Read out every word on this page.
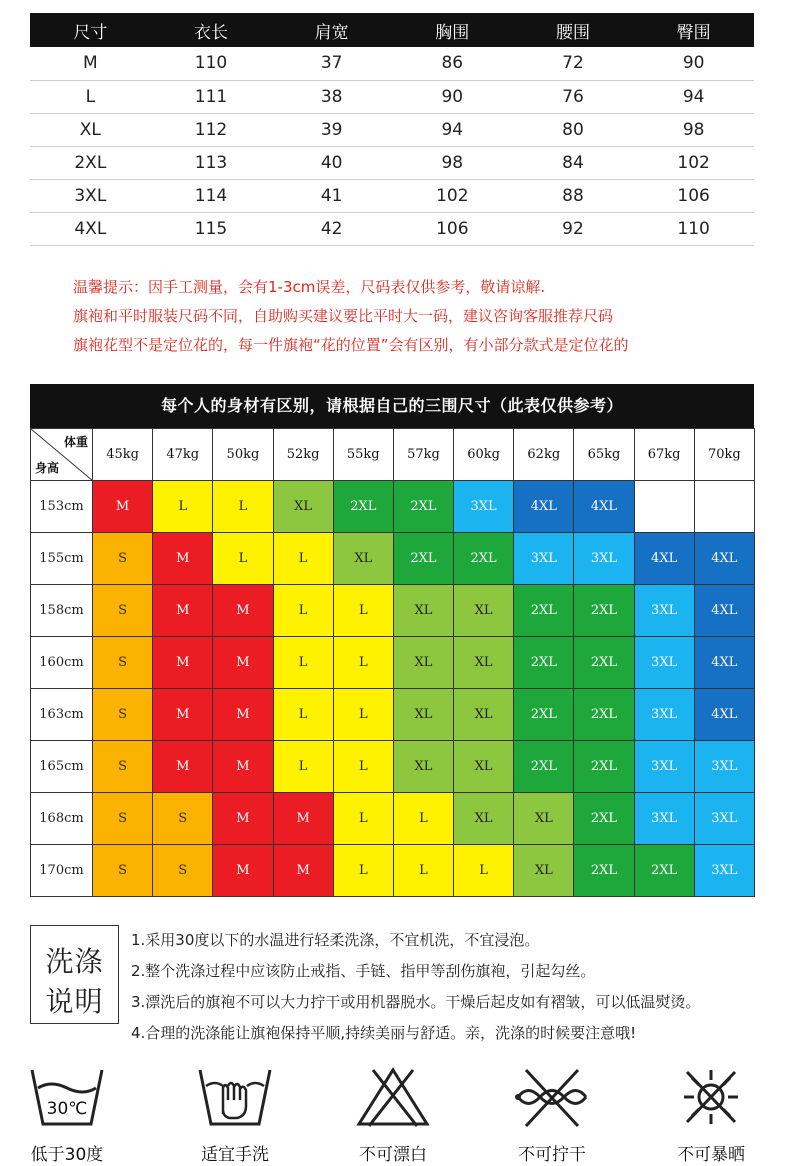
尺寸	衣长	肩宽	胸围	腰围	臀围
M	110	37	86	72	90
L	111	38	90	76	94
XL	112	39	94	80	98
2XL	113	40	98	84	102
3XL	114	41	102	88	106
4XL	115	42	106	92	110
温馨提示：因手工测量，会有1-3cm误差，尺码表仅供参考，敬请谅解.
旗袍和平时服装尺码不同，自助购买建议要比平时大一码，建议咨询客服推荐尺码
旗袍花型不是定位花的，每一件旗袍“花的位置”会有区别，有小部分款式是定位花的
每个人的身材有区别，请根据自己的三围尺寸（此表仅供参考）
体重
身高	45kg	47kg	50kg	52kg	55kg	57kg	60kg	62kg	65kg	67kg	70kg
153cm	M	L	L	XL	2XL	2XL	3XL	4XL	4XL		
155cm	S	M	L	L	XL	2XL	2XL	3XL	3XL	4XL	4XL
158cm	S	M	M	L	L	XL	XL	2XL	2XL	3XL	4XL
160cm	S	M	M	L	L	XL	XL	2XL	2XL	3XL	4XL
163cm	S	M	M	L	L	XL	XL	2XL	2XL	3XL	4XL
165cm	S	M	M	L	L	XL	XL	2XL	2XL	3XL	3XL
168cm	S	S	M	M	L	L	XL	XL	2XL	3XL	3XL
170cm	S	S	M	M	L	L	L	XL	2XL	2XL	3XL
洗涤
说明
1.采用30度以下的水温进行轻柔洗涤，不宜机洗，不宜浸泡。
2.整个洗涤过程中应该防止戒指、手链、指甲等刮伤旗袍，引起勾丝。
3.漂洗后的旗袍不可以大力拧干或用机器脱水。干燥后起皮如有褶皱，可以低温熨烫。
4.合理的洗涤能让旗袍保持平顺,持续美丽与舒适。亲，洗涤的时候要注意哦!
30℃
低于30度	适宜手洗	不可漂白	不可拧干	不可暴晒
